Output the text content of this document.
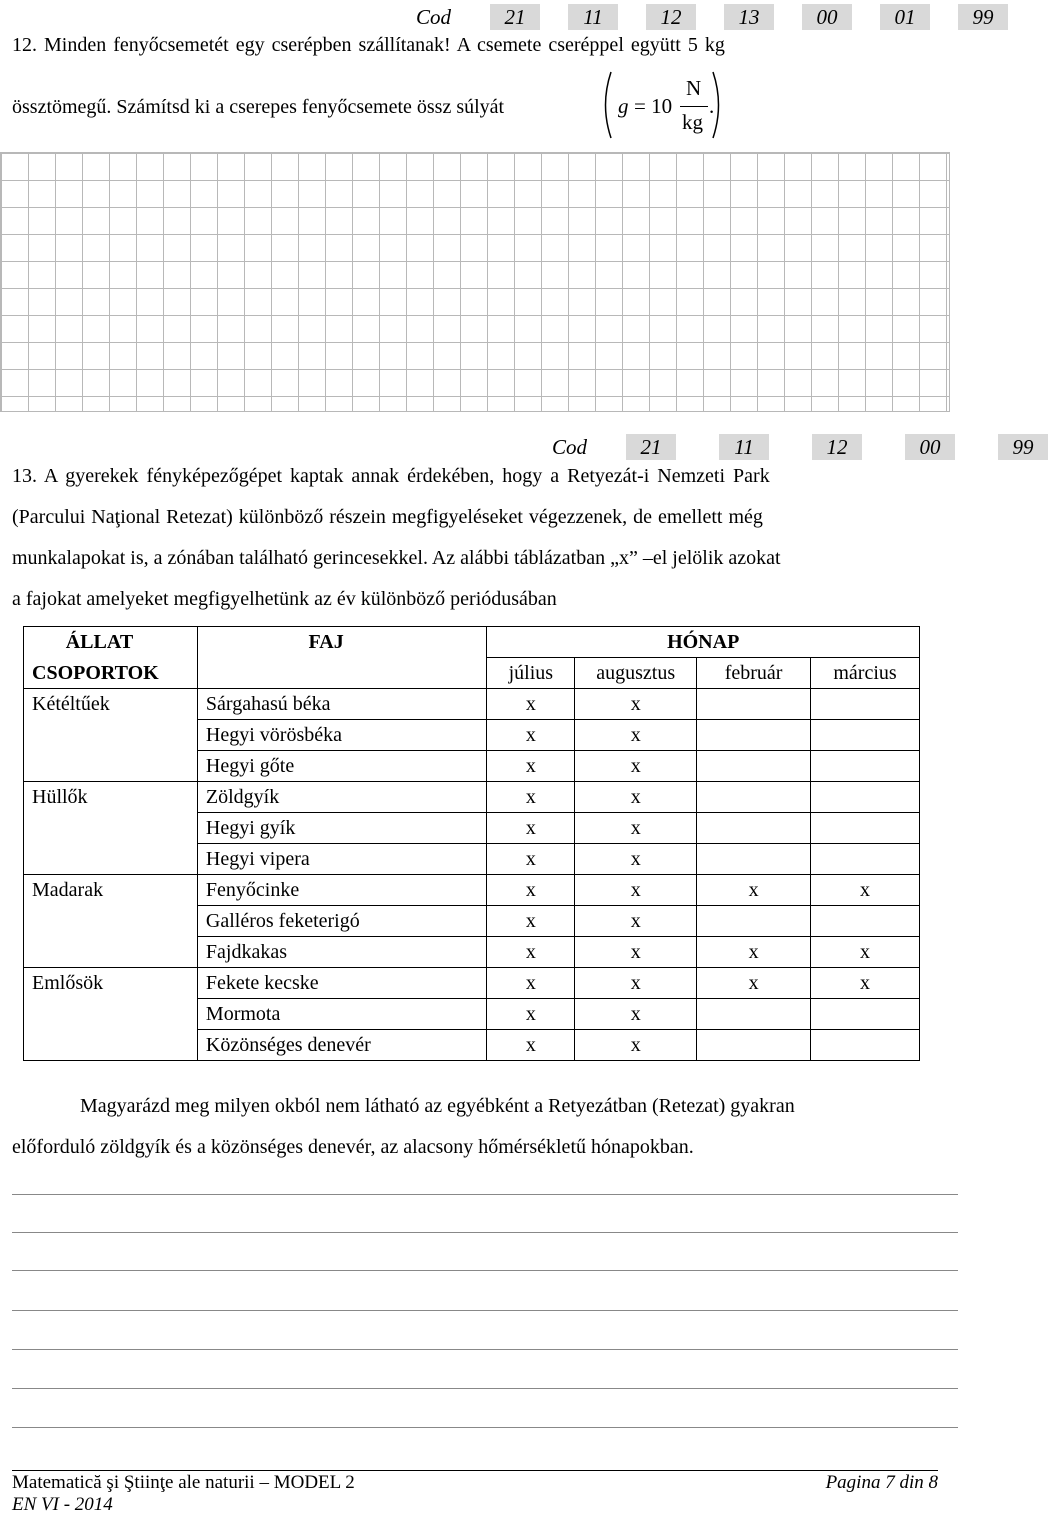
Cod	21	11	12	13	00	01	99
12. Minden fenyőcsemetét egy cserépben szállítanak! A csemete cseréppel együtt 5 kg
össztömegű. Számítsd ki a cserepes fenyőcsemete össz súlyát	g = 10
N
kg
.
Cod	21	11	12	00	99
13. A gyerekek fényképezőgépet kaptak annak érdekében, hogy a Retyezát-i Nemzeti Park
(Parcului Naţional Retezat) különböző részein megfigyeléseket végezzenek, de emellett még
munkalapokat is, a zónában található gerincesekkel. Az alábbi táblázatban „x” –el jelölik azokat
a fajokat amelyeket megfigyelhetünk az év különböző periódusában
ÁLLAT	FAJ	HÓNAP			
CSOPORTOK		július	augusztus	február	március
Kétéltűek	Sárgahasú béka	x	x		
	Hegyi vörösbéka	x	x		
	Hegyi gőte	x	x		
Hüllők	Zöldgyík	x	x		
	Hegyi gyík	x	x		
	Hegyi vipera	x	x		
Madarak	Fenyőcinke	x	x	x	x
	Galléros feketerigó	x	x		
	Fajdkakas	x	x	x	x
Emlősök	Fekete kecske	x	x	x	x
	Mormota	x	x		
	Közönséges denevér	x	x		
Magyarázd meg milyen okból nem látható az egyébként a Retyezátban (Retezat) gyakran
előforduló zöldgyík és a közönséges denevér, az alacsony hőmérsékletű hónapokban.
Matematică şi Ştiinţe ale naturii – MODEL 2	Pagina 7 din 8
EN VI - 2014
